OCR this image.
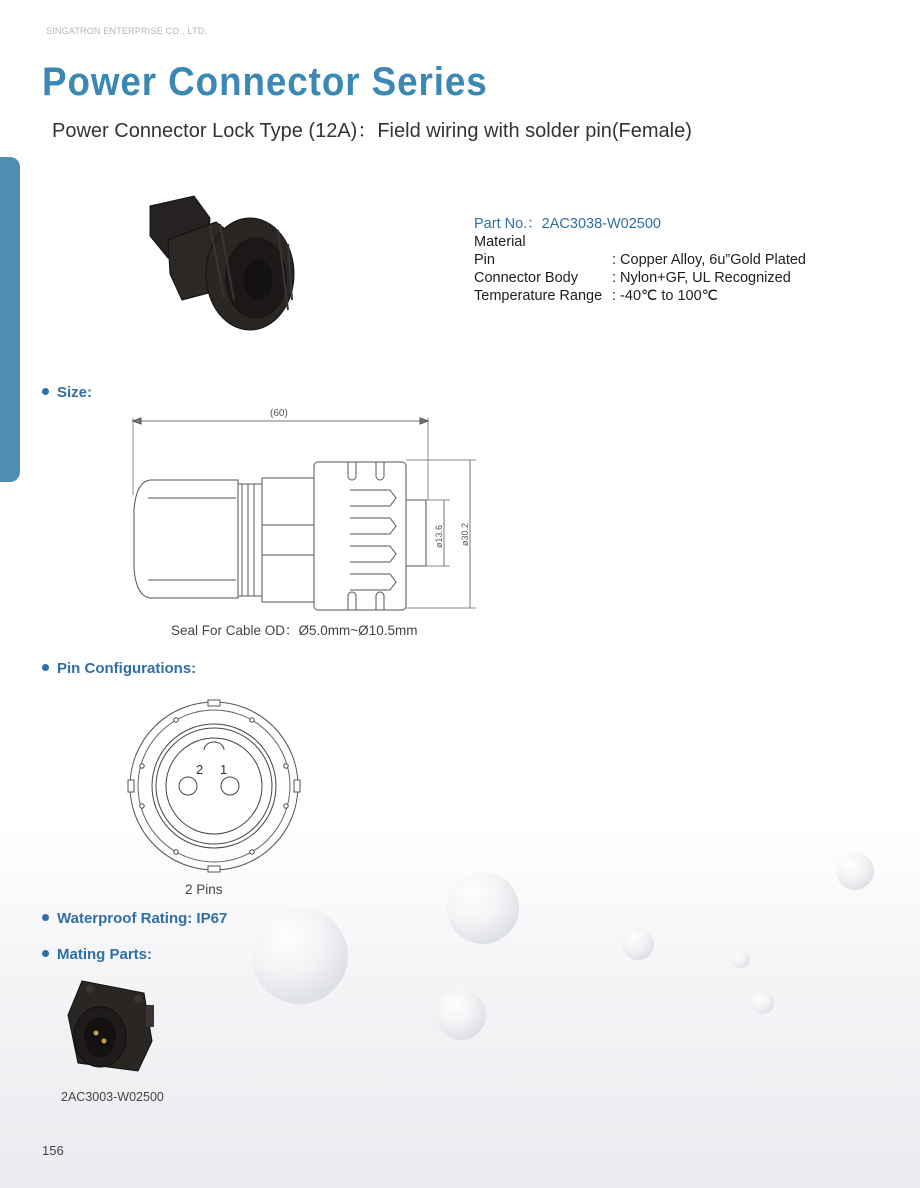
SINGATRON ENTERPRISE CO., LTD.
Power Connector Series
Power Connector Lock Type (12A)：Field wiring with solder pin(Female)
Part No.：2AC3038-W02500
Material
Pin	: Copper Alloy, 6u”Gold Plated
Connector Body	: Nylon+GF, UL Recognized
Temperature Range : -40℃ to 100℃
Size:
(60)
ø13.6 ø30.2
Seal For Cable OD：Ø5.0mm~Ø10.5mm
Pin Configurations:
2 1
2 Pins
Waterproof Rating: IP67
Mating Parts:
2AC3003-W02500
156
